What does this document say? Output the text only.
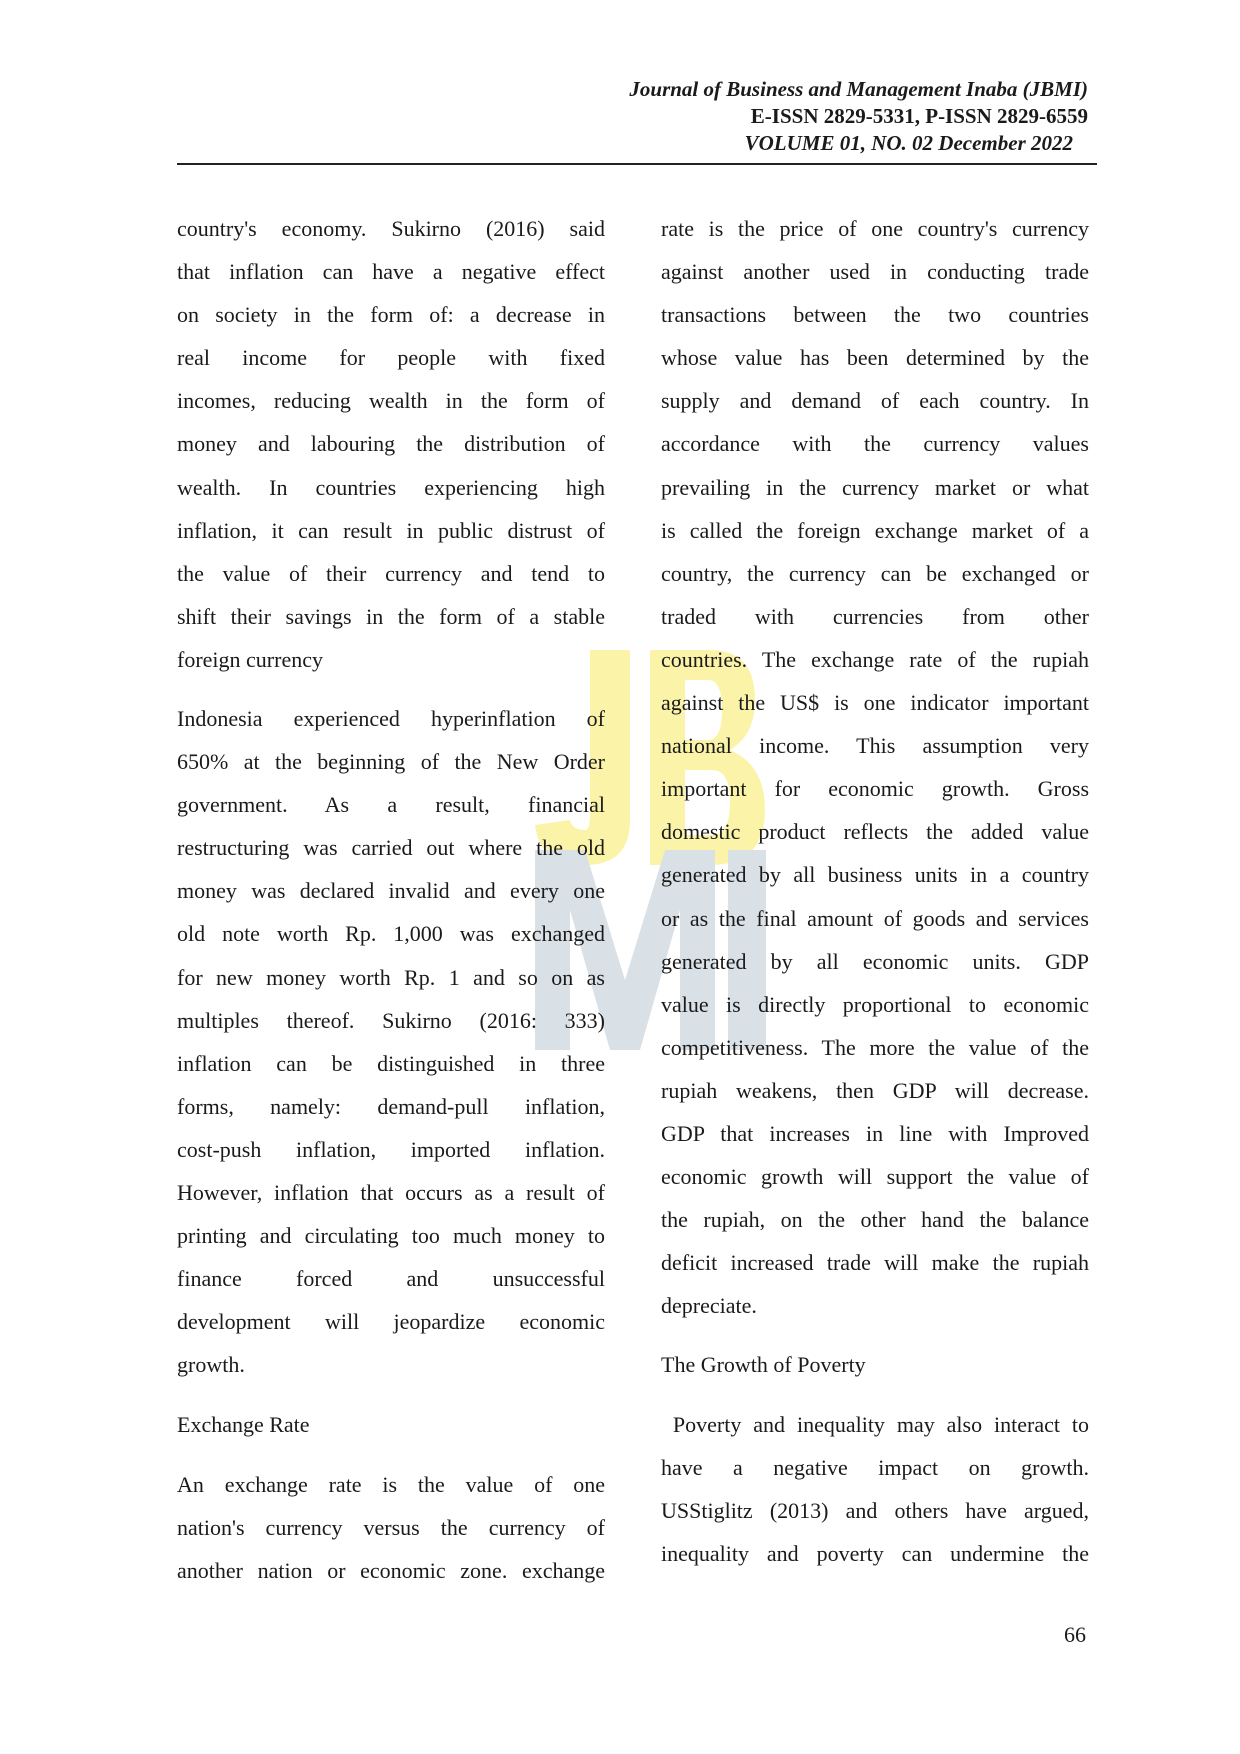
Journal of Business and Management Inaba (JBMI)
E-ISSN 2829-5331, P-ISSN 2829-6559
VOLUME 01, NO. 02 December 2022
country's economy. Sukirno (2016) said
that inflation can have a negative effect
on society in the form of: a decrease in
real income for people with fixed
incomes, reducing wealth in the form of
money and labouring the distribution of
wealth. In countries experiencing high
inflation, it can result in public distrust of
the value of their currency and tend to
shift their savings in the form of a stable
foreign currency
Indonesia experienced hyperinflation of
650% at the beginning of the New Order
government. As a result, financial
restructuring was carried out where the old
money was declared invalid and every one
old note worth Rp. 1,000 was exchanged
for new money worth Rp. 1 and so on as
multiples thereof. Sukirno (2016: 333)
inflation can be distinguished in three
forms, namely: demand-pull inflation,
cost-push inflation, imported inflation.
However, inflation that occurs as a result of
printing and circulating too much money to
finance forced and unsuccessful
development will jeopardize economic
growth.
Exchange Rate
An exchange rate is the value of one
nation's currency versus the currency of
another nation or economic zone. exchange
rate is the price of one country's currency
against another used in conducting trade
transactions between the two countries
whose value has been determined by the
supply and demand of each country. In
accordance with the currency values
prevailing in the currency market or what
is called the foreign exchange market of a
country, the currency can be exchanged or
traded with currencies from other
countries. The exchange rate of the rupiah
against the US$ is one indicator important
national income. This assumption very
important for economic growth. Gross
domestic product reflects the added value
generated by all business units in a country
or as the final amount of goods and services
generated by all economic units. GDP
value is directly proportional to economic
competitiveness. The more the value of the
rupiah weakens, then GDP will decrease.
GDP that increases in line with Improved
economic growth will support the value of
the rupiah, on the other hand the balance
deficit increased trade will make the rupiah
depreciate.
The Growth of Poverty
Poverty and inequality may also interact to
have a negative impact on growth.
USStiglitz (2013) and others have argued,
inequality and poverty can undermine the
66
